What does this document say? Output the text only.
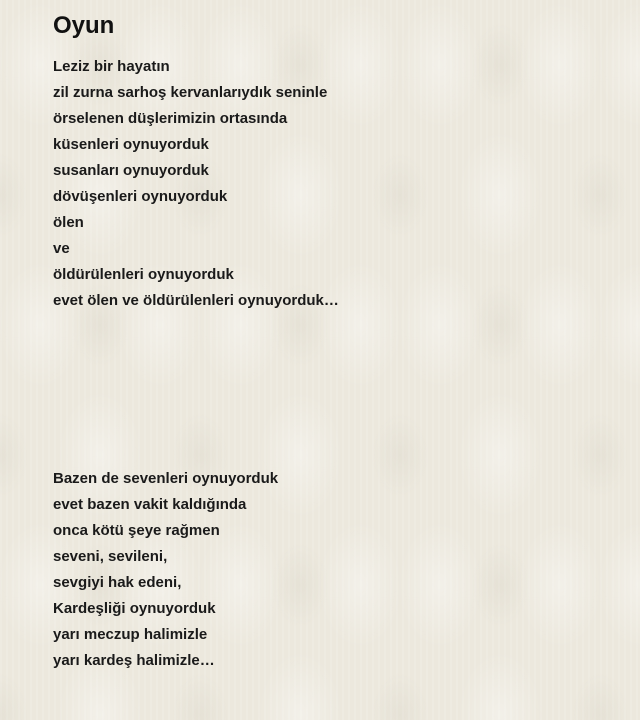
Oyun
Leziz bir hayatın
zil zurna sarhoş kervanlarıydık seninle
örselenen düşlerimizin ortasında
küsenleri oynuyorduk
susanları oynuyorduk
dövüşenleri oynuyorduk
ölen
ve
öldürülenleri oynuyorduk
evet ölen ve öldürülenleri oynuyorduk…
Bazen de sevenleri oynuyorduk
evet bazen vakit kaldığında
onca kötü şeye rağmen
seveni, sevileni,
sevgiyi hak edeni,
Kardeşliği oynuyorduk
yarı meczup halimizle
yarı kardeş halimizle…
